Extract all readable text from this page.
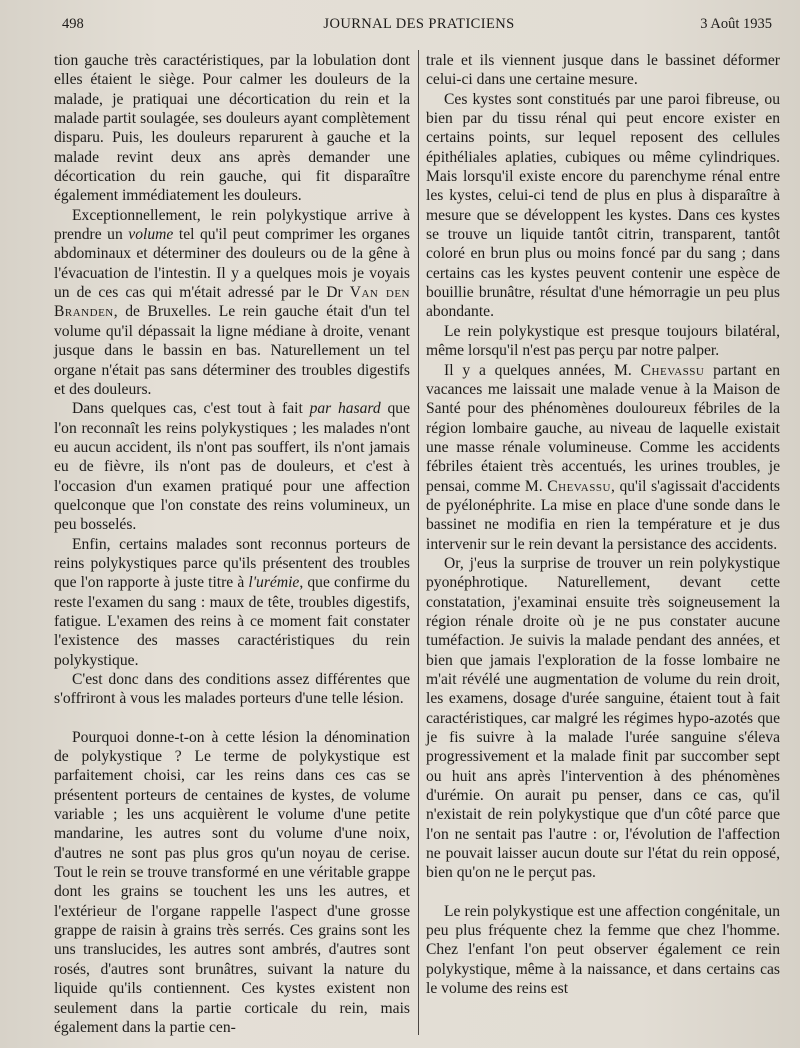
498	JOURNAL DES PRATICIENS	3 Août 1935

tion gauche très caractéristiques, par la lobulation dont elles étaient le siège. Pour calmer les douleurs de la malade, je pratiquai une décortication du rein et la malade partit soulagée, ses douleurs ayant complètement disparu. Puis, les douleurs reparurent à gauche et la malade revint deux ans après demander une décortication du rein gauche, qui fit disparaître également immédiatement les douleurs.

Exceptionnellement, le rein polykystique arrive à prendre un volume tel qu'il peut comprimer les organes abdominaux et déterminer des douleurs ou de la gêne à l'évacuation de l'intestin. Il y a quelques mois je voyais un de ces cas qui m'était adressé par le Dr Van den Branden, de Bruxelles. Le rein gauche était d'un tel volume qu'il dépassait la ligne médiane à droite, venant jusque dans le bassin en bas. Naturellement un tel organe n'était pas sans déterminer des troubles digestifs et des douleurs.

Dans quelques cas, c'est tout à fait par hasard que l'on reconnaît les reins polykystiques ; les malades n'ont eu aucun accident, ils n'ont pas souffert, ils n'ont jamais eu de fièvre, ils n'ont pas de douleurs, et c'est à l'occasion d'un examen pratiqué pour une affection quelconque que l'on constate des reins volumineux, un peu bosselés.

Enfin, certains malades sont reconnus porteurs de reins polykystiques parce qu'ils présentent des troubles que l'on rapporte à juste titre à l'urémie, que confirme du reste l'examen du sang : maux de tête, troubles digestifs, fatigue. L'examen des reins à ce moment fait constater l'existence des masses caractéristiques du rein polykystique.

C'est donc dans des conditions assez différentes que s'offriront à vous les malades porteurs d'une telle lésion.

Pourquoi donne-t-on à cette lésion la dénomination de polykystique ? Le terme de polykystique est parfaitement choisi, car les reins dans ces cas se présentent porteurs de centaines de kystes, de volume variable ; les uns acquièrent le volume d'une petite mandarine, les autres sont du volume d'une noix, d'autres ne sont pas plus gros qu'un noyau de cerise. Tout le rein se trouve transformé en une véritable grappe dont les grains se touchent les uns les autres, et l'extérieur de l'organe rappelle l'aspect d'une grosse grappe de raisin à grains très serrés. Ces grains sont les uns translucides, les autres sont ambrés, d'autres sont rosés, d'autres sont brunâtres, suivant la nature du liquide qu'ils contiennent. Ces kystes existent non seulement dans la partie corticale du rein, mais également dans la partie cen-

trale et ils viennent jusque dans le bassinet déformer celui-ci dans une certaine mesure.

Ces kystes sont constitués par une paroi fibreuse, ou bien par du tissu rénal qui peut encore exister en certains points, sur lequel reposent des cellules épithéliales aplaties, cubiques ou même cylindriques. Mais lorsqu'il existe encore du parenchyme rénal entre les kystes, celui-ci tend de plus en plus à disparaître à mesure que se développent les kystes. Dans ces kystes se trouve un liquide tantôt citrin, transparent, tantôt coloré en brun plus ou moins foncé par du sang ; dans certains cas les kystes peuvent contenir une espèce de bouillie brunâtre, résultat d'une hémorragie un peu plus abondante.

Le rein polykystique est presque toujours bilatéral, même lorsqu'il n'est pas perçu par notre palper.

Il y a quelques années, M. Chevassu partant en vacances me laissait une malade venue à la Maison de Santé pour des phénomènes douloureux fébriles de la région lombaire gauche, au niveau de laquelle existait une masse rénale volumineuse. Comme les accidents fébriles étaient très accentués, les urines troubles, je pensai, comme M. Chevassu, qu'il s'agissait d'accidents de pyélonéphrite. La mise en place d'une sonde dans le bassinet ne modifia en rien la température et je dus intervenir sur le rein devant la persistance des accidents.

Or, j'eus la surprise de trouver un rein polykystique pyonéphrotique. Naturellement, devant cette constatation, j'examinai ensuite très soigneusement la région rénale droite où je ne pus constater aucune tuméfaction. Je suivis la malade pendant des années, et bien que jamais l'exploration de la fosse lombaire ne m'ait révélé une augmentation de volume du rein droit, les examens, dosage d'urée sanguine, étaient tout à fait caractéristiques, car malgré les régimes hypo-azotés que je fis suivre à la malade l'urée sanguine s'éleva progressivement et la malade finit par succomber sept ou huit ans après l'intervention à des phénomènes d'urémie. On aurait pu penser, dans ce cas, qu'il n'existait de rein polykystique que d'un côté parce que l'on ne sentait pas l'autre : or, l'évolution de l'affection ne pouvait laisser aucun doute sur l'état du rein opposé, bien qu'on ne le perçut pas.

Le rein polykystique est une affection congénitale, un peu plus fréquente chez la femme que chez l'homme. Chez l'enfant l'on peut observer également ce rein polykystique, même à la naissance, et dans certains cas le volume des reins est
